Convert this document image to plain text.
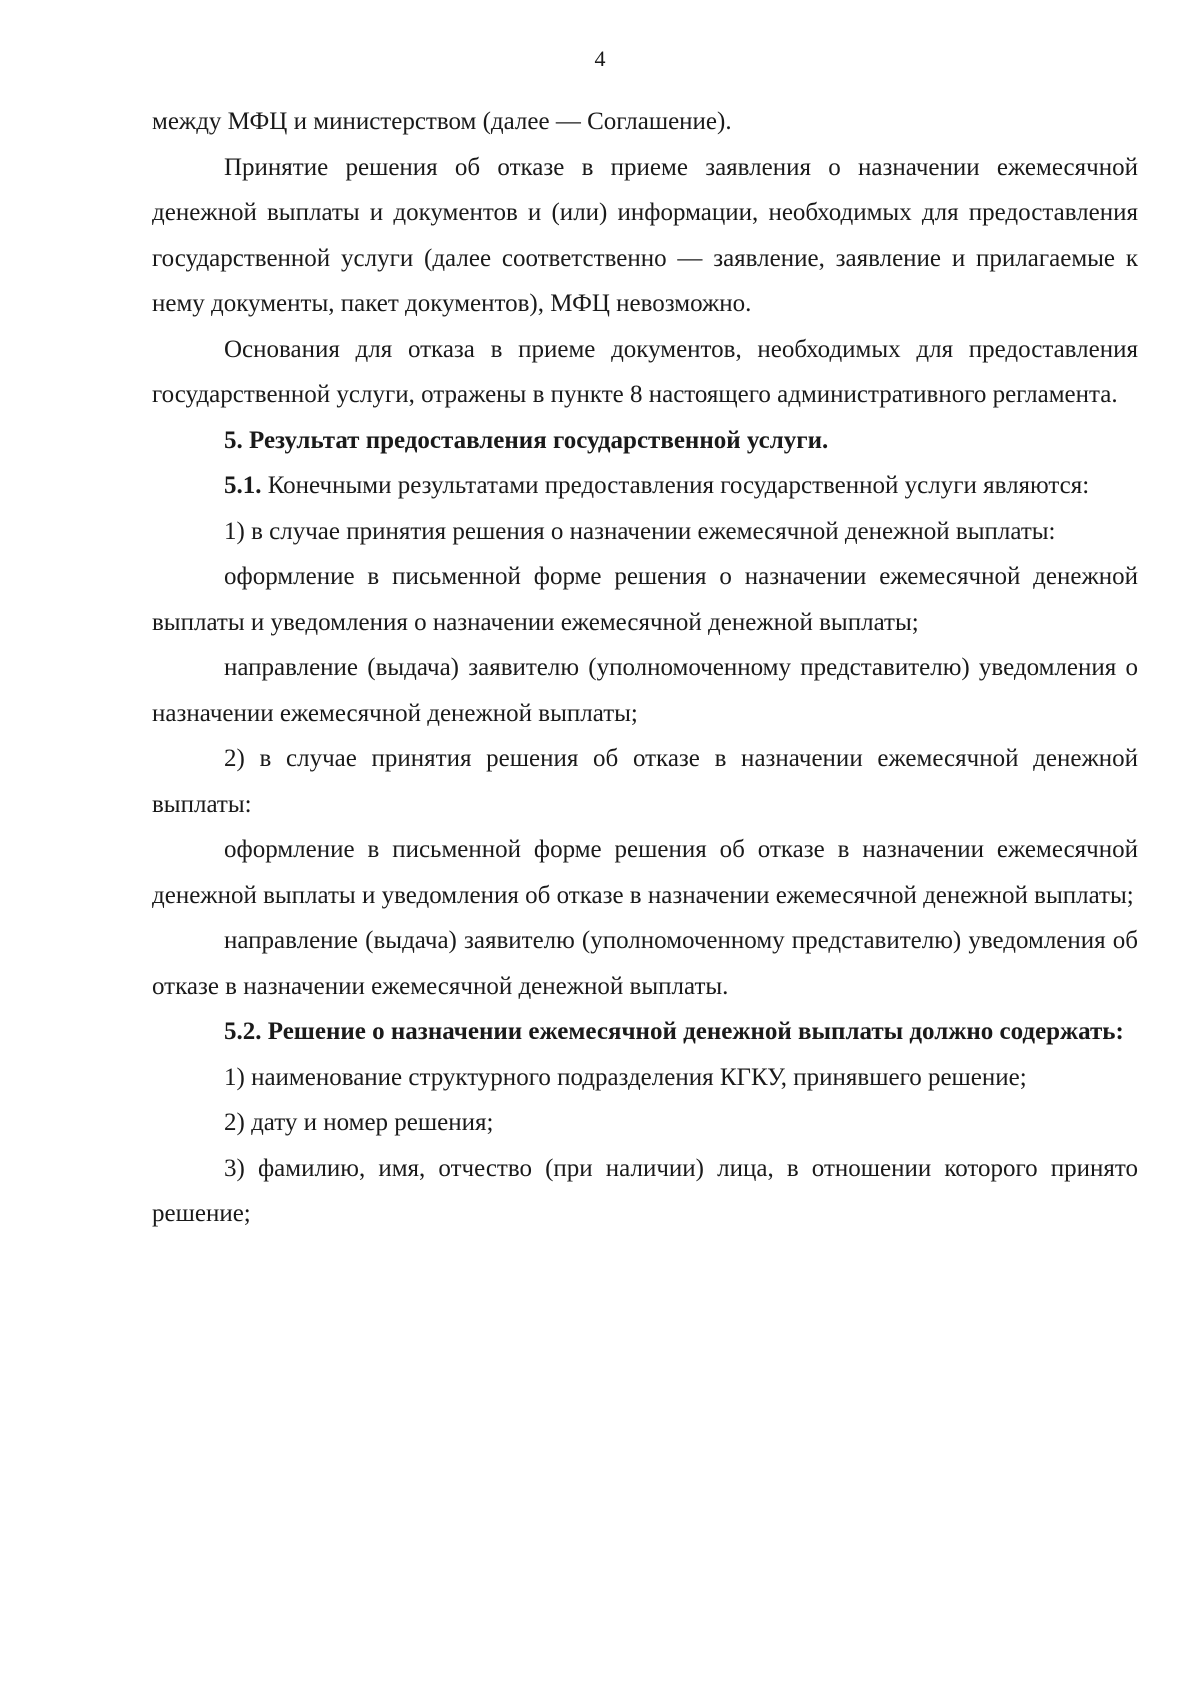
4

между МФЦ и министерством (далее — Соглашение).

Принятие решения об отказе в приеме заявления о назначении ежемесячной денежной выплаты и документов и (или) информации, необходимых для предоставления государственной услуги (далее соответственно — заявление, заявление и прилагаемые к нему документы, пакет документов), МФЦ невозможно.

Основания для отказа в приеме документов, необходимых для предоставления государственной услуги, отражены в пункте 8 настоящего административного регламента.

5. Результат предоставления государственной услуги.

5.1. Конечными результатами предоставления государственной услуги являются:

1) в случае принятия решения о назначении ежемесячной денежной выплаты:

оформление в письменной форме решения о назначении ежемесячной денежной выплаты и уведомления о назначении ежемесячной денежной выплаты;

направление (выдача) заявителю (уполномоченному представителю) уведомления о назначении ежемесячной денежной выплаты;

2) в случае принятия решения об отказе в назначении ежемесячной денежной выплаты:

оформление в письменной форме решения об отказе в назначении ежемесячной денежной выплаты и уведомления об отказе в назначении ежемесячной денежной выплаты;

направление (выдача) заявителю (уполномоченному представителю) уведомления об отказе в назначении ежемесячной денежной выплаты.

5.2. Решение о назначении ежемесячной денежной выплаты должно содержать:

1) наименование структурного подразделения КГКУ, принявшего решение;

2) дату и номер решения;

3) фамилию, имя, отчество (при наличии) лица, в отношении которого принято решение;
